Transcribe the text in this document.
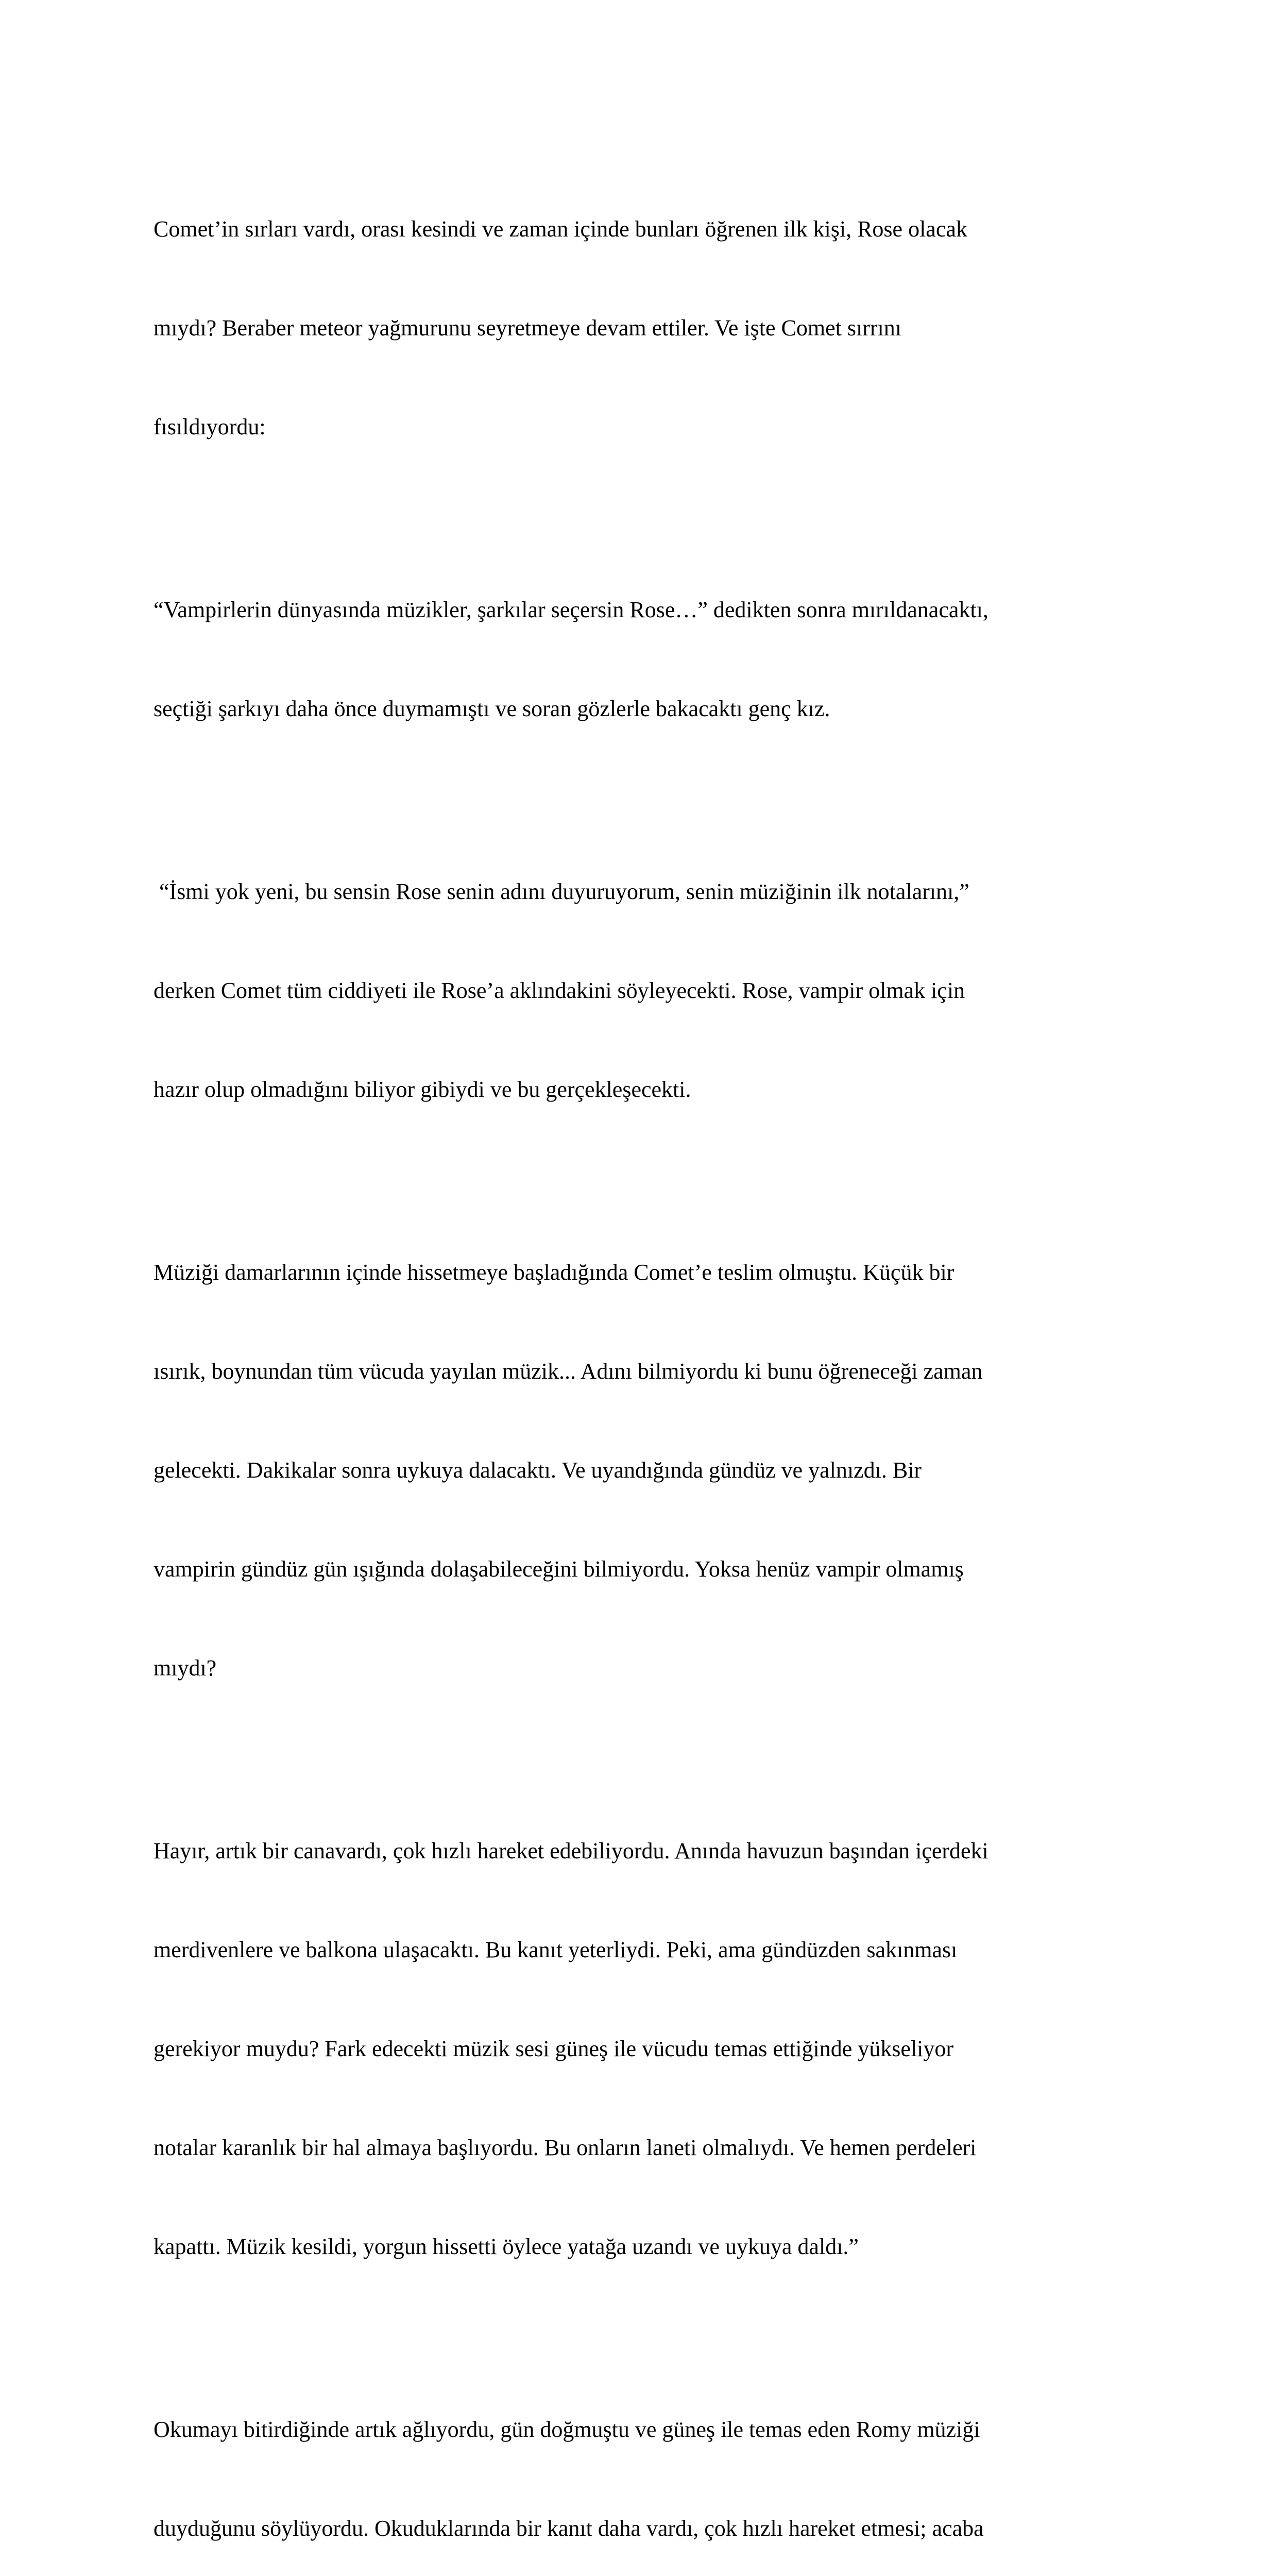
Comet’in sırları vardı, orası kesindi ve zaman içinde bunları öğrenen ilk kişi, Rose olacak

mıydı? Beraber meteor yağmurunu seyretmeye devam ettiler. Ve işte Comet sırrını

fısıldıyordu:

“Vampirlerin dünyasında müzikler, şarkılar seçersin Rose…” dedikten sonra mırıldanacaktı,

seçtiği şarkıyı daha önce duymamıştı ve soran gözlerle bakacaktı genç kız.

“İsmi yok yeni, bu sensin Rose senin adını duyuruyorum, senin müziğinin ilk notalarını,”

derken Comet tüm ciddiyeti ile Rose’a aklındakini söyleyecekti. Rose, vampir olmak için

hazır olup olmadığını biliyor gibiydi ve bu gerçekleşecekti.

Müziği damarlarının içinde hissetmeye başladığında Comet’e teslim olmuştu. Küçük bir

ısırık, boynundan tüm vücuda yayılan müzik... Adını bilmiyordu ki bunu öğreneceği zaman

gelecekti. Dakikalar sonra uykuya dalacaktı. Ve uyandığında gündüz ve yalnızdı. Bir

vampirin gündüz gün ışığında dolaşabileceğini bilmiyordu. Yoksa henüz vampir olmamış

mıydı?

Hayır, artık bir canavardı, çok hızlı hareket edebiliyordu. Anında havuzun başından içerdeki

merdivenlere ve balkona ulaşacaktı. Bu kanıt yeterliydi. Peki, ama gündüzden sakınması

gerekiyor muydu? Fark edecekti müzik sesi güneş ile vücudu temas ettiğinde yükseliyor

notalar karanlık bir hal almaya başlıyordu. Bu onların laneti olmalıydı. Ve hemen perdeleri

kapattı. Müzik kesildi, yorgun hissetti öylece yatağa uzandı ve uykuya daldı.”

Okumayı bitirdiğinde artık ağlıyordu, gün doğmuştu ve güneş ile temas eden Romy müziği

duyduğunu söylüyordu. Okuduklarında bir kanıt daha vardı, çok hızlı hareket etmesi; acaba
